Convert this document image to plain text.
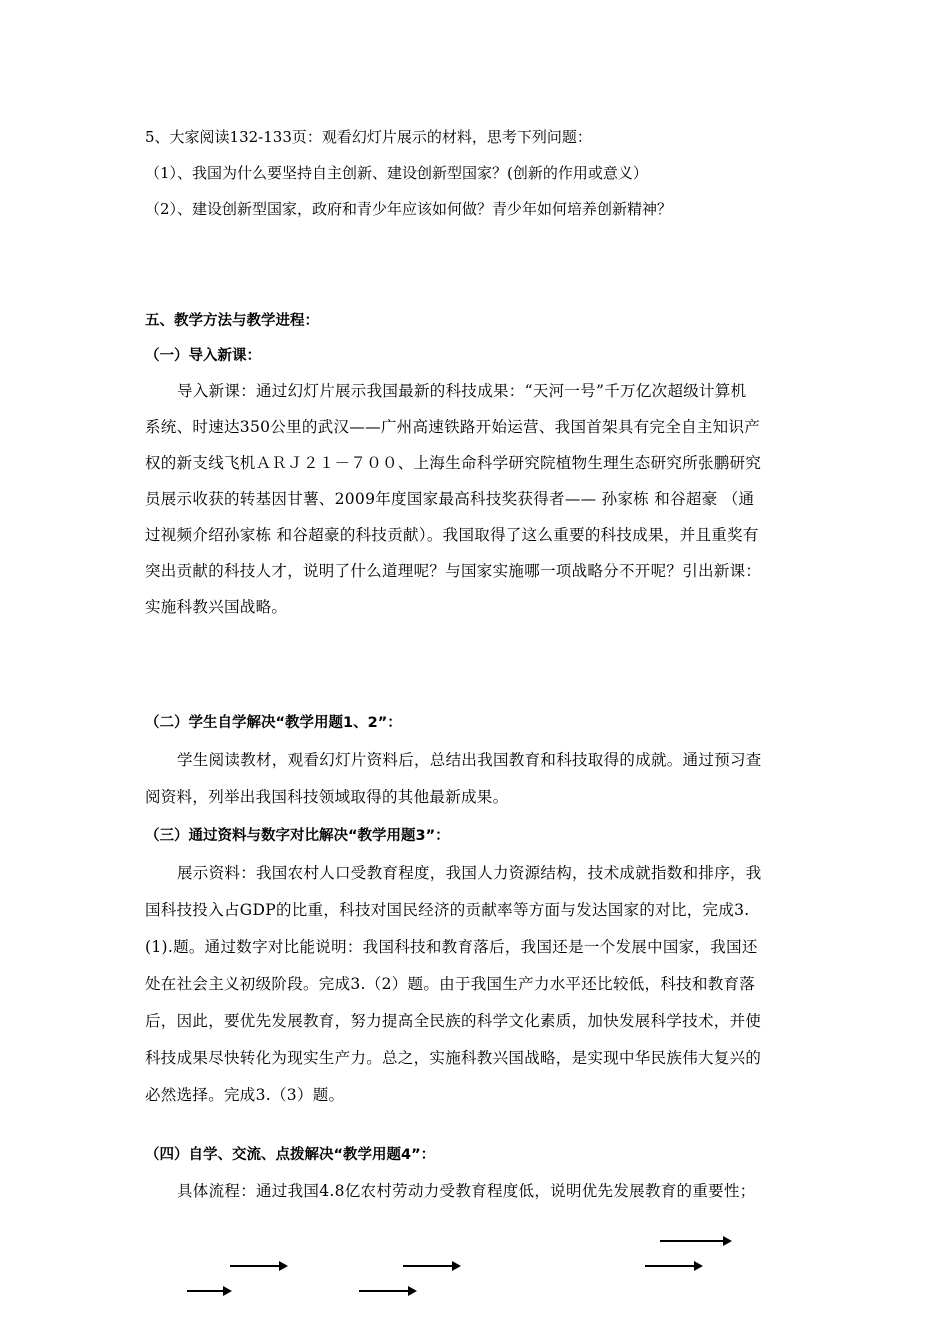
5、大家阅读132-133页：观看幻灯片展示的材料，思考下列问题：
（1）、我国为什么要坚持自主创新、建设创新型国家？(创新的作用或意义）
（2）、建设创新型国家，政府和青少年应该如何做？青少年如何培养创新精神？
五、教学方法与教学进程：
（一）导入新课：
导入新课：通过幻灯片展示我国最新的科技成果：“天河一号”千万亿次超级计算机
系统、时速达350公里的武汉——广州高速铁路开始运营、我国首架具有完全自主知识产
权的新支线飞机ＡＲＪ２１－７００、上海生命科学研究院植物生理生态研究所张鹏研究
员展示收获的转基因甘薯、2009年度国家最高科技奖获得者—— 孙家栋 和谷超豪 （通
过视频介绍孙家栋 和谷超豪的科技贡献）。我国取得了这么重要的科技成果，并且重奖有
突出贡献的科技人才，说明了什么道理呢？与国家实施哪一项战略分不开呢？引出新课：
实施科教兴国战略。
（二）学生自学解决“教学用题1、2”：
学生阅读教材，观看幻灯片资料后，总结出我国教育和科技取得的成就。通过预习查
阅资料，列举出我国科技领域取得的其他最新成果。
（三）通过资料与数字对比解决“教学用题3”：
展示资料：我国农村人口受教育程度，我国人力资源结构，技术成就指数和排序，我
国科技投入占GDP的比重，科技对国民经济的贡献率等方面与发达国家的对比，完成3.
(1).题。通过数字对比能说明：我国科技和教育落后，我国还是一个发展中国家，我国还
处在社会主义初级阶段。完成3.（2）题。由于我国生产力水平还比较低，科技和教育落
后，因此，要优先发展教育，努力提高全民族的科学文化素质，加快发展科学技术，并使
科技成果尽快转化为现实生产力。总之，实施科教兴国战略，是实现中华民族伟大复兴的
必然选择。完成3.（3）题。
（四）自学、交流、点拨解决“教学用题4”：
具体流程：通过我国4.8亿农村劳动力受教育程度低，说明优先发展教育的重要性；
